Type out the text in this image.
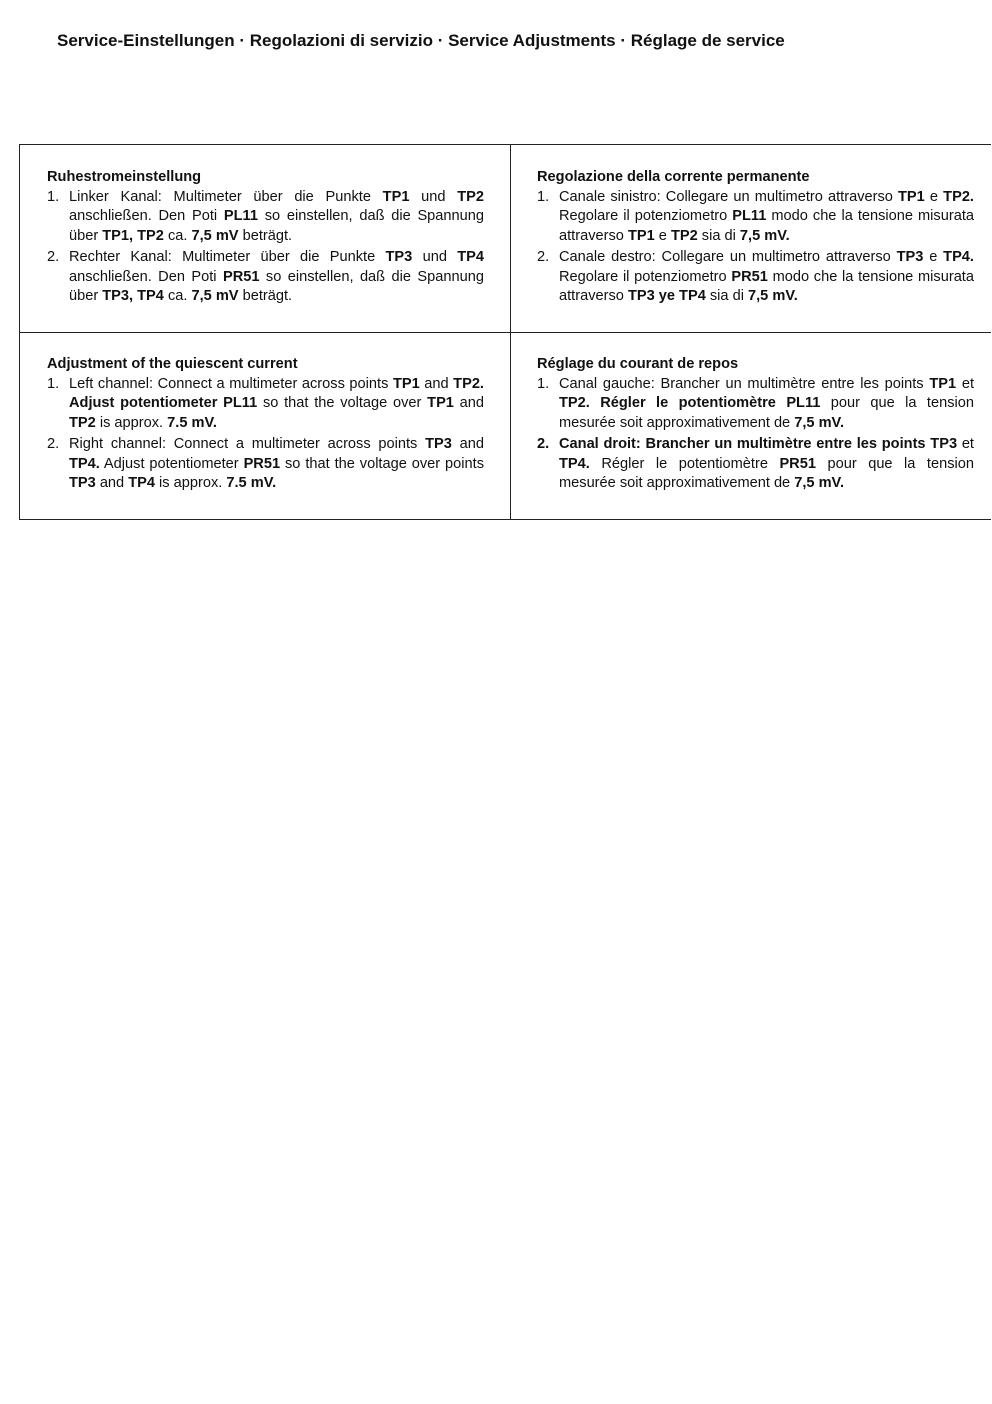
Service-Einstellungen · Regolazioni di servizio · Service Adjustments · Réglage de service
Ruhestromeinstellung
1. Linker Kanal: Multimeter über die Punkte TP1 und TP2 anschließen. Den Poti PL11 so einstellen, daß die Spannung über TP1, TP2 ca. 7,5 mV beträgt.
2. Rechter Kanal: Multimeter über die Punkte TP3 und TP4 anschließen. Den Poti PR51 so einstellen, daß die Spannung über TP3, TP4 ca. 7,5 mV beträgt.
Regolazione della corrente permanente
1. Canale sinistro: Collegare un multimetro attraverso TP1 e TP2. Regolare il potenziometro PL11 modo che la tensione misurata attraverso TP1 e TP2 sia di 7,5 mV.
2. Canale destro: Collegare un multimetro attraverso TP3 e TP4. Regolare il potenziometro PR51 modo che la tensione misurata attraverso TP3 ye TP4 sia di 7,5 mV.
Adjustment of the quiescent current
1. Left channel: Connect a multimeter across points TP1 and TP2. Adjust potentiometer PL11 so that the voltage over TP1 and TP2 is approx. 7.5 mV.
2. Right channel: Connect a multimeter across points TP3 and TP4. Adjust potentiometer PR51 so that the voltage over points TP3 and TP4 is approx. 7.5 mV.
Réglage du courant de repos
1. Canal gauche: Brancher un multimètre entre les points TP1 et TP2. Régler le potentiomètre PL11 pour que la tension mesurée soit approximativement de 7,5 mV.
2. Canal droit: Brancher un multimètre entre les points TP3 et TP4. Régler le potentiomètre PR51 pour que la tension mesurée soit approximativement de 7,5 mV.
